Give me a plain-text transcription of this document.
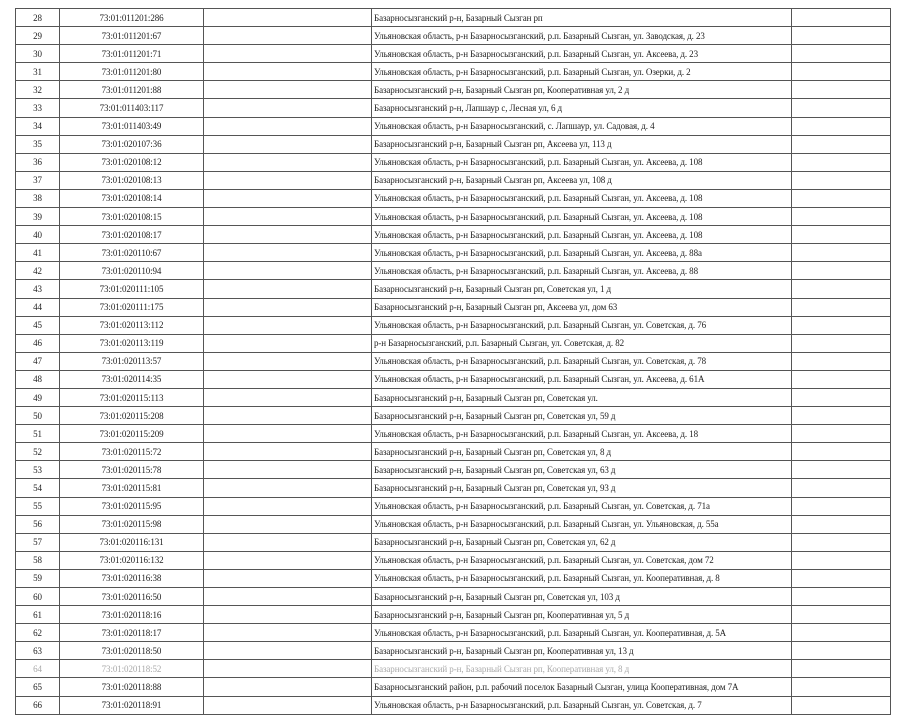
28	73:01:011201:286		Базарносызганский р-н, Базарный Сызган рп	
29	73:01:011201:67		Ульяновская область, р-н Базарносызганский, р.п. Базарный Сызган, ул. Заводская, д. 23	
30	73:01:011201:71		Ульяновская область, р-н Базарносызганский, р.п. Базарный Сызган, ул. Аксеева, д. 23	
31	73:01:011201:80		Ульяновская область, р-н Базарносызганский, р.п. Базарный Сызган, ул. Озерки, д. 2	
32	73:01:011201:88		Базарносызганский р-н, Базарный Сызган рп, Кооперативная ул, 2 д	
33	73:01:011403:117		Базарносызганский р-н, Лапшаур с, Лесная ул, 6 д	
34	73:01:011403:49		Ульяновская область, р-н Базарносызганский, с. Лапшаур, ул. Садовая, д. 4	
35	73:01:020107:36		Базарносызганский р-н, Базарный Сызган рп, Аксеева ул, 113 д	
36	73:01:020108:12		Ульяновская область, р-н Базарносызганский, р.п. Базарный Сызган, ул. Аксеева, д. 108	
37	73:01:020108:13		Базарносызганский р-н, Базарный Сызган рп, Аксеева ул, 108 д	
38	73:01:020108:14		Ульяновская область, р-н Базарносызганский, р.п. Базарный Сызган, ул. Аксеева, д. 108	
39	73:01:020108:15		Ульяновская область, р-н Базарносызганский, р.п. Базарный Сызган, ул. Аксеева, д. 108	
40	73:01:020108:17		Ульяновская область, р-н Базарносызганский, р.п. Базарный Сызган, ул. Аксеева, д. 108	
41	73:01:020110:67		Ульяновская область, р-н Базарносызганский, р.п. Базарный Сызган, ул. Аксеева, д. 88а	
42	73:01:020110:94		Ульяновская область, р-н Базарносызганский, р.п. Базарный Сызган, ул. Аксеева, д. 88	
43	73:01:020111:105		Базарносызганский р-н, Базарный Сызган рп, Советская ул, 1 д	
44	73:01:020111:175		Базарносызганский р-н, Базарный Сызган рп, Аксеева ул, дом 63	
45	73:01:020113:112		Ульяновская область, р-н Базарносызганский, р.п. Базарный Сызган, ул. Советская, д. 76	
46	73:01:020113:119		р-н Базарносызганский, р.п. Базарный Сызган, ул. Советская, д. 82	
47	73:01:020113:57		Ульяновская область, р-н Базарносызганский, р.п. Базарный Сызган, ул. Советская, д. 78	
48	73:01:020114:35		Ульяновская область, р-н Базарносызганский, р.п. Базарный Сызган, ул. Аксеева, д. 61А	
49	73:01:020115:113		Базарносызганский р-н, Базарный Сызган рп, Советская ул.	
50	73:01:020115:208		Базарносызганский р-н, Базарный Сызган рп, Советская ул, 59 д	
51	73:01:020115:209		Ульяновская область, р-н Базарносызганский, р.п. Базарный Сызган, ул. Аксеева, д. 18	
52	73:01:020115:72		Базарносызганский р-н, Базарный Сызган рп, Советская ул, 8 д	
53	73:01:020115:78		Базарносызганский р-н, Базарный Сызган рп, Советская ул, 63 д	
54	73:01:020115:81		Базарносызганский р-н, Базарный Сызган рп, Советская ул, 93 д	
55	73:01:020115:95		Ульяновская область, р-н Базарносызганский, р.п. Базарный Сызган, ул. Советская, д. 71а	
56	73:01:020115:98		Ульяновская область, р-н Базарносызганский, р.п. Базарный Сызган, ул. Ульяновская, д. 55а	
57	73:01:020116:131		Базарносызганский р-н, Базарный Сызган рп, Советская ул, 62 д	
58	73:01:020116:132		Ульяновская область, р-н Базарносызганский, р.п. Базарный Сызган, ул. Советская, дом 72	
59	73:01:020116:38		Ульяновская область, р-н Базарносызганский, р.п. Базарный Сызган, ул. Кооперативная, д. 8	
60	73:01:020116:50		Базарносызганский р-н, Базарный Сызган рп, Советская ул, 103 д	
61	73:01:020118:16		Базарносызганский р-н, Базарный Сызган рп, Кооперативная ул, 5 д	
62	73:01:020118:17		Ульяновская область, р-н Базарносызганский, р.п. Базарный Сызган, ул. Кооперативная, д. 5А	
63	73:01:020118:50		Базарносызганский р-н, Базарный Сызган рп, Кооперативная ул, 13 д	
64	73:01:020118:52		Базарносызганский р-н, Базарный Сызган рп, Кооперативная ул, 8 д	
65	73:01:020118:88		Базарносызганский район, р.п. рабочий поселок Базарный Сызган, улица Кооперативная, дом 7А	
66	73:01:020118:91		Ульяновская область, р-н Базарносызганский, р.п. Базарный Сызган, ул. Советская, д. 7	
